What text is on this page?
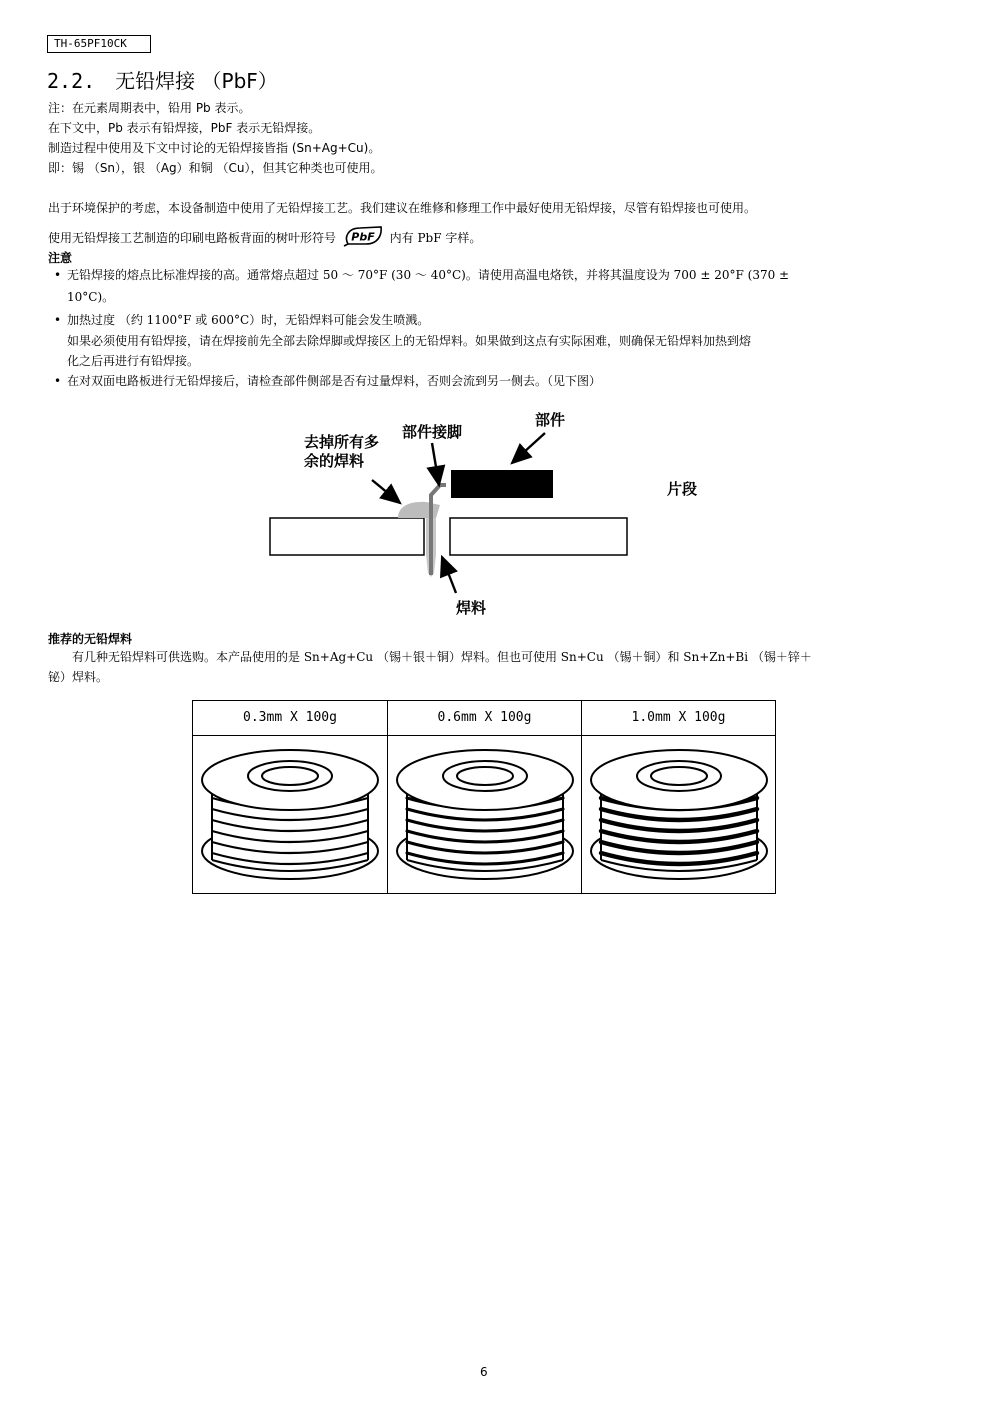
TH-65PF10CK
2.2. 无铅焊接 （PbF）
注：在元素周期表中，铅用 Pb 表示。
在下文中，Pb 表示有铅焊接，PbF 表示无铅焊接。
制造过程中使用及下文中讨论的无铅焊接皆指 (Sn+Ag+Cu)。
即：锡 （Sn），银 （Ag）和铜 （Cu），但其它种类也可使用。
出于环境保护的考虑，本设备制造中使用了无铅焊接工艺。我们建议在维修和修理工作中最好使用无铅焊接，尽管有铅焊接也可使用。
使用无铅焊接工艺制造的印刷电路板背面的树叶形符号 PbF 内有 PbF 字样。
注意
• 无铅焊接的熔点比标准焊接的高。通常熔点超过 50 ～ 70°F (30 ～ 40°C)。请使用高温电烙铁，并将其温度设为 700 ± 20°F (370 ±
10°C)。
• 加热过度 （约 1100°F 或 600°C）时，无铅焊料可能会发生喷溅。
如果必须使用有铅焊接，请在焊接前先全部去除焊脚或焊接区上的无铅焊料。如果做到这点有实际困难，则确保无铅焊料加热到熔
化之后再进行有铅焊接。
• 在对双面电路板进行无铅焊接后，请检查部件侧部是否有过量焊料，否则会流到另一侧去。（见下图）
去掉所有多
余的焊料
部件接脚
部件
片段
焊料
推荐的无铅焊料
有几种无铅焊料可供选购。本产品使用的是 Sn+Ag+Cu （锡＋银＋铜）焊料。但也可使用 Sn+Cu （锡＋铜）和 Sn+Zn+Bi （锡＋锌＋
铋）焊料。
0.3mm X 100g	0.6mm X 100g	1.0mm X 100g
6
